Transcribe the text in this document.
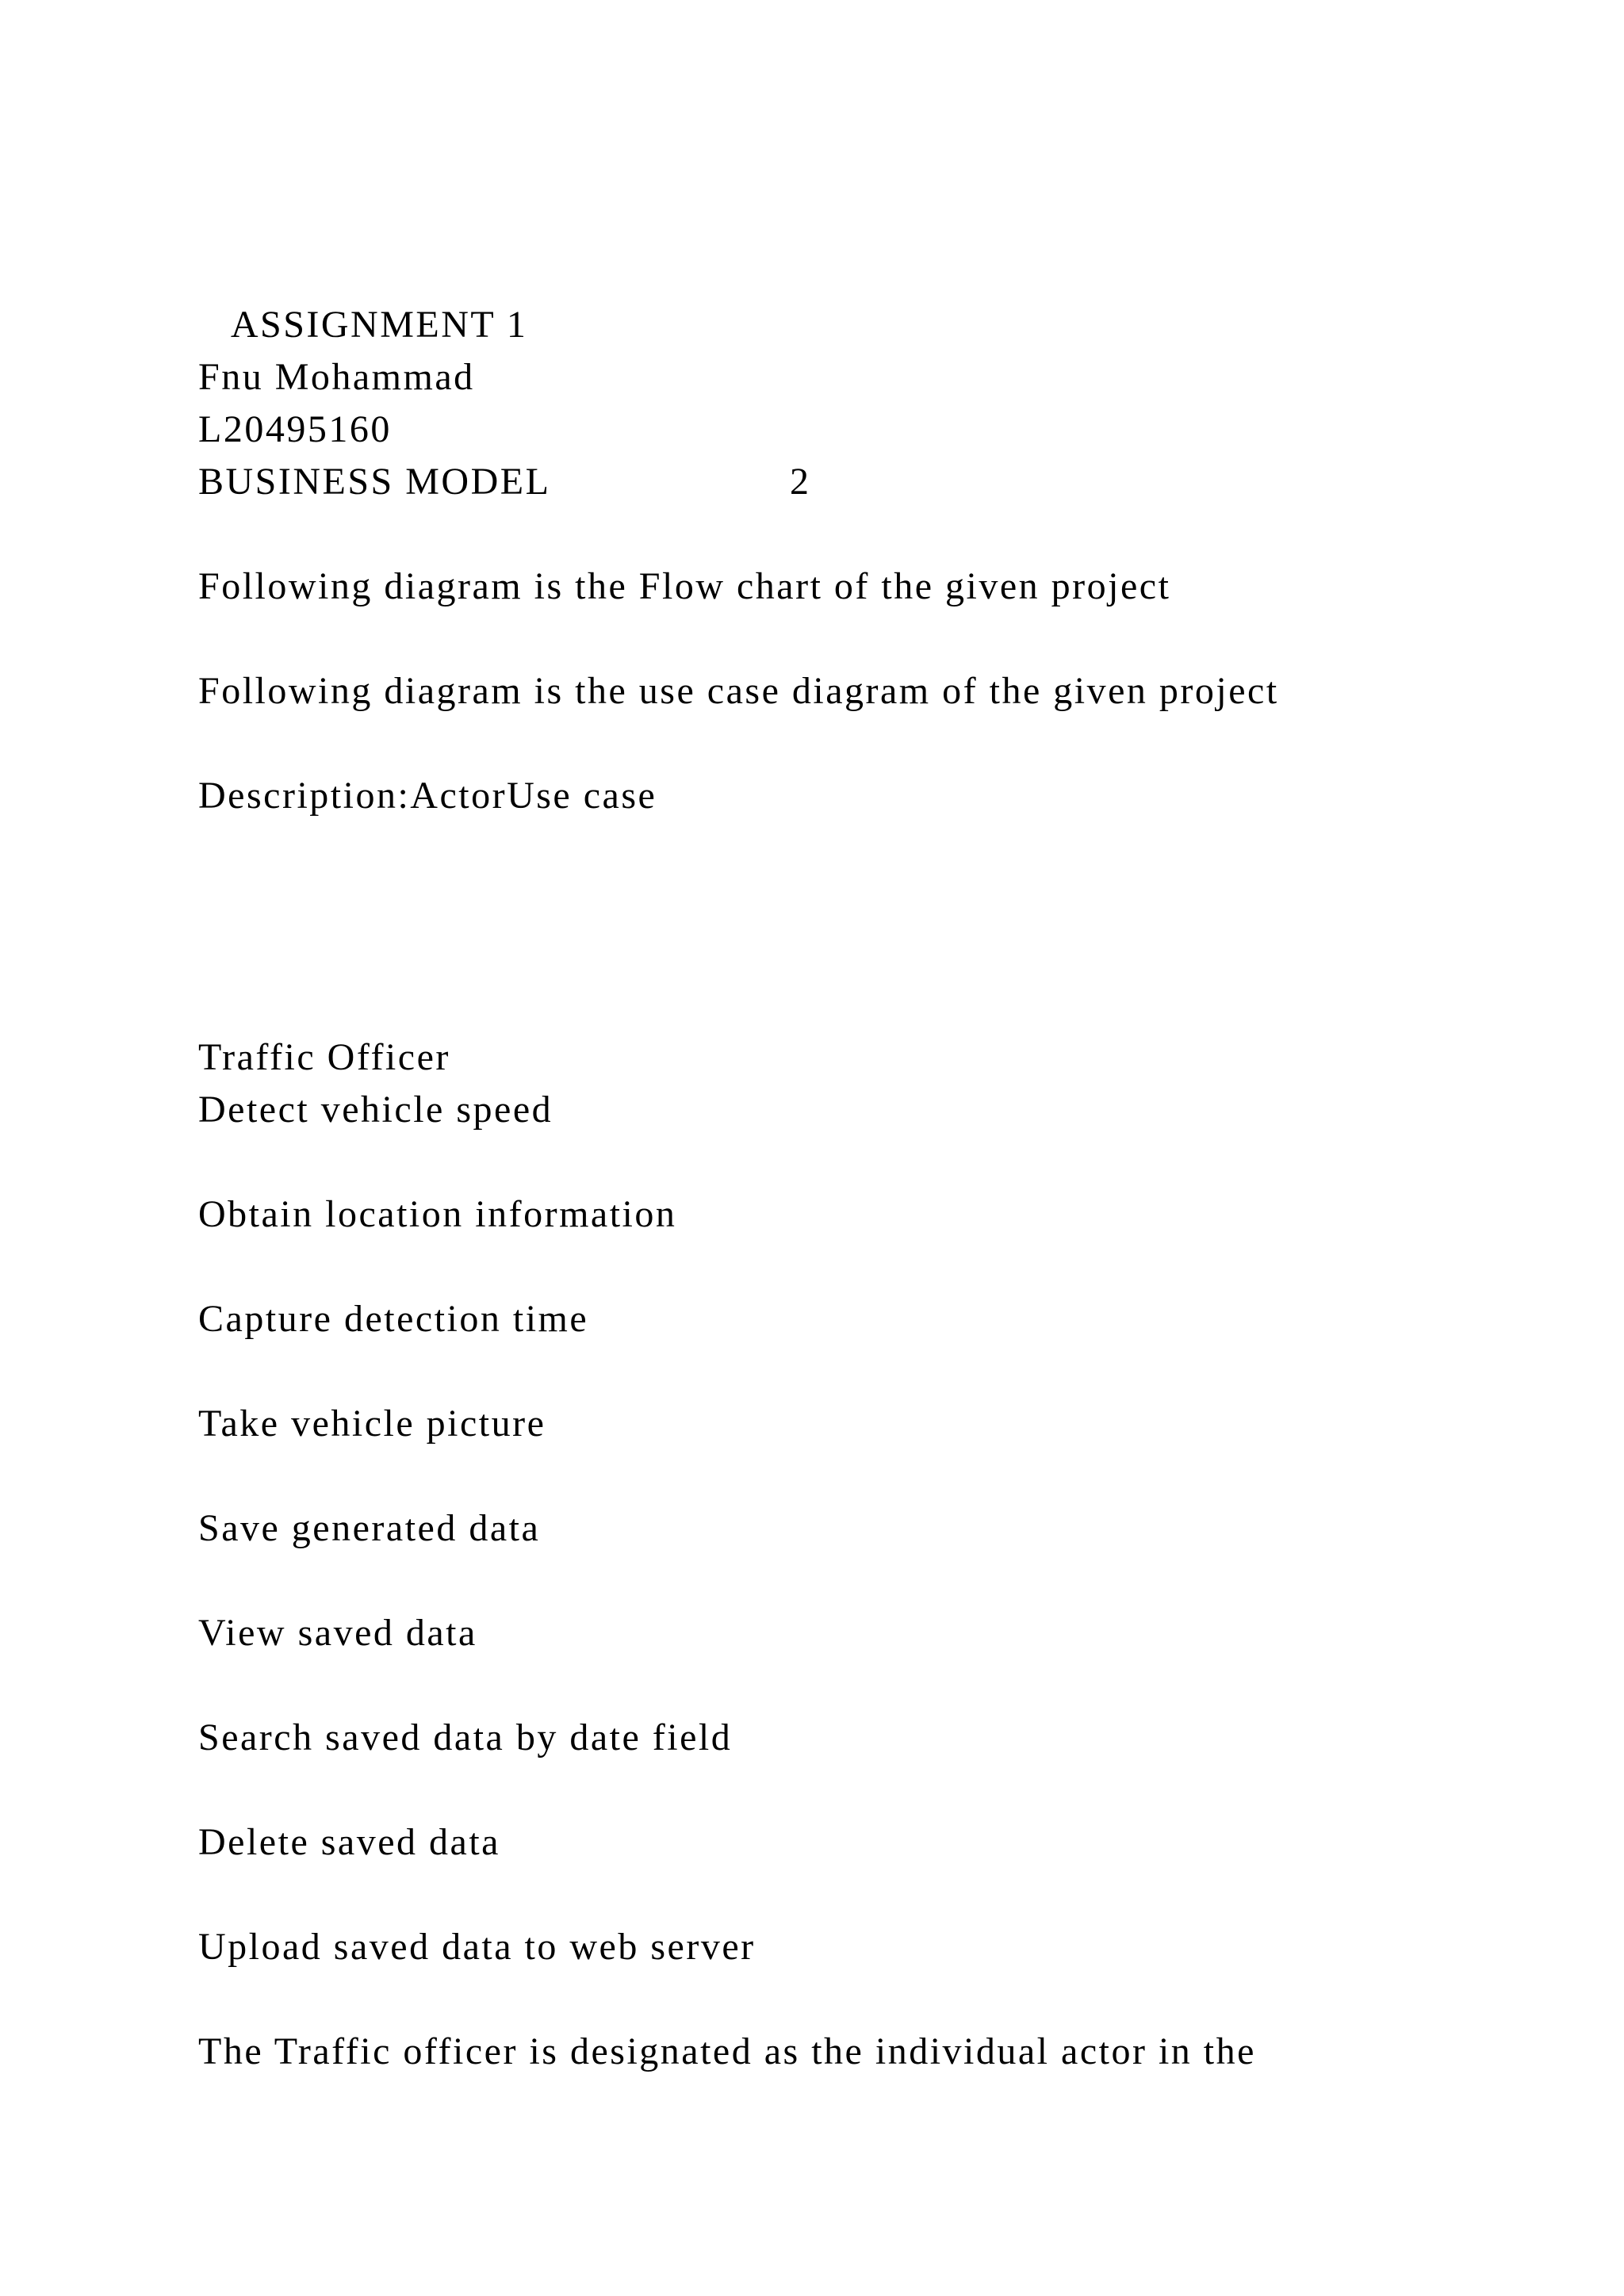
ASSIGNMENT 1
Fnu Mohammad
L20495160
BUSINESS MODEL	2
Following diagram is the Flow chart of the given project
Following diagram is the use case diagram of the given project
Description:ActorUse case
Traffic Officer
Detect vehicle speed
Obtain location information
Capture detection time
Take vehicle picture
Save generated data
View saved data
Search saved data by date field
Delete saved data
Upload saved data to web server
The Traffic officer is designated as the individual actor in the
